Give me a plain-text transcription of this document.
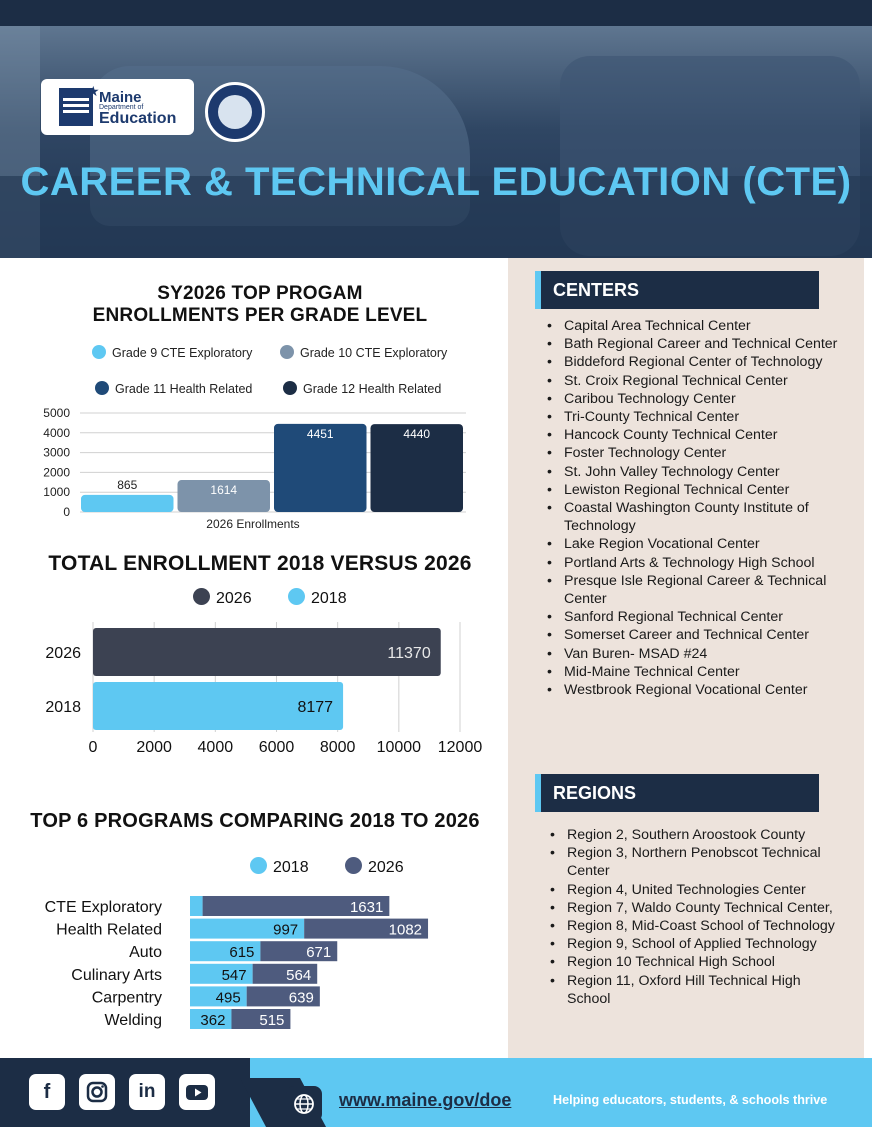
★ Maine
Department of
Education
CAREER & TECHNICAL EDUCATION (CTE)
CENTERS
• Capital Area Technical Center
• Bath Regional Career and Technical Center
• Biddeford Regional Center of Technology
• St. Croix Regional Technical Center
• Caribou Technology Center
• Tri-County Technical Center
• Hancock County Technical Center
• Foster Technology Center
• St. John Valley Technology Center
• Lewiston Regional Technical Center
• Coastal Washington County Institute of Technology
• Lake Region Vocational Center
• Portland Arts & Technology High School
• Presque Isle Regional Career & Technical Center
• Sanford Regional Technical Center
• Somerset Career and Technical Center
• Van Buren- MSAD #24
• Mid-Maine Technical Center
• Westbrook Regional Vocational Center
REGIONS
• Region 2, Southern Aroostook County
• Region 3, Northern Penobscot Technical Center
• Region 4, United Technologies Center
• Region 7, Waldo County Technical Center,
• Region 8, Mid-Coast School of Technology
• Region 9, School of Applied Technology
• Region 10 Technical High School
• Region 11, Oxford Hill Technical High School
SY2026 TOP PROGAM
ENROLLMENTS PER GRADE LEVEL
Grade 9 CTE Exploratory	Grade 10 CTE Exploratory
Grade 11 Health Related	Grade 12 Health Related
0
1000
2000
3000
4000
5000
865	1614
4451	4440
2026 Enrollments
TOTAL ENROLLMENT 2018 VERSUS 2026
2026	2018
0 2000 4000 6000 8000 10000 12000
11370
2026
8177
2018
TOP 6 PROGRAMS COMPARING 2018 TO 2026
2018	2026
1631
CTE Exploratory
997	1082
Health Related
615	671
Auto
547	564
Culinary Arts
495	639
Carpentry
362 515
Welding
f	in	www.maine.gov/doe	Helping educators, students, & schools thrive
